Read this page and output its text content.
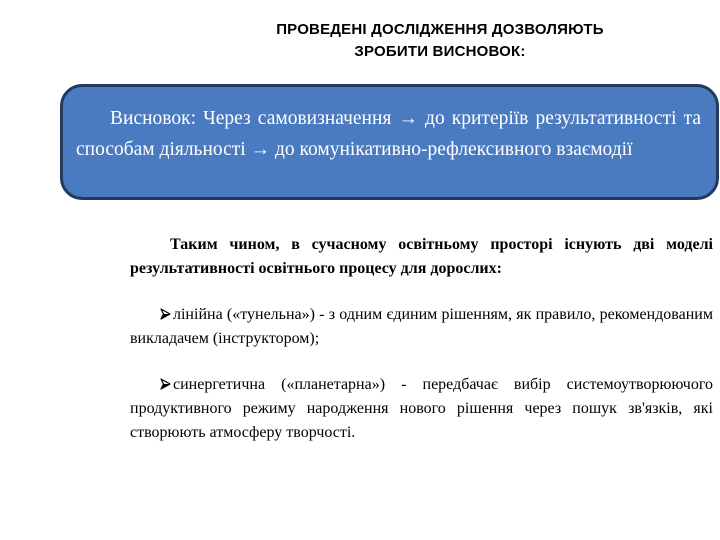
ПРОВЕДЕНІ ДОСЛІДЖЕННЯ ДОЗВОЛЯЮТЬ
ЗРОБИТИ ВИСНОВОК:
Висновок: Через самовизначення → до критеріїв результативності та способам діяльності → до комунікативно-рефлексивного взаємодії

Таким чином, в сучасному освітньому просторі існують дві моделі результативності освітнього процесу для дорослих:

лінійна («тунельна») - з одним єдиним рішенням, як правило, рекомендованим викладачем (інструктором);

синергетична («планетарна») - передбачає вибір системоутворюючого продуктивного режиму народження нового рішення через пошук зв'язків, які створюють атмосферу творчості.
